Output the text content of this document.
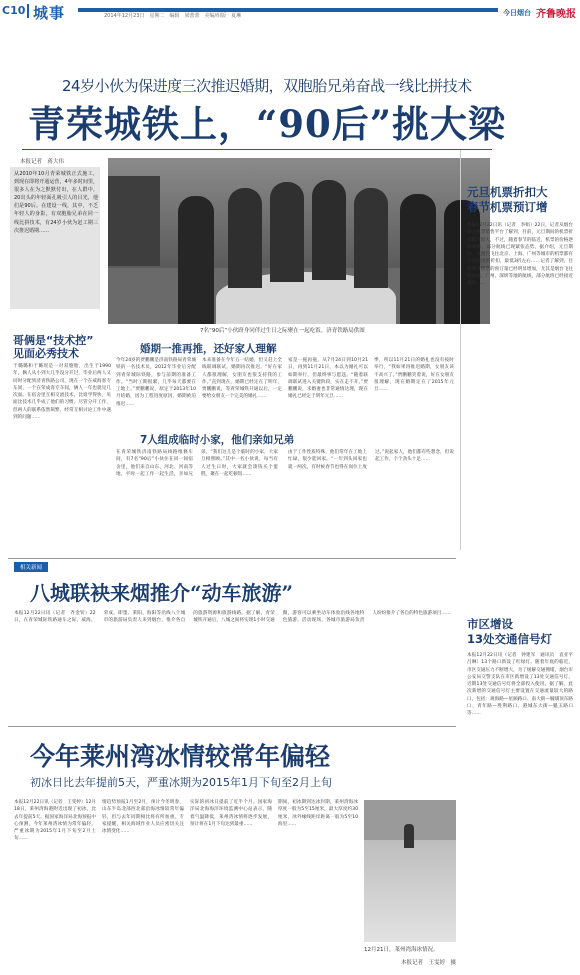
C10 城事	2014年12月23日　星期二　编辑　梁蕾蕾　美编/组版　夏琳	今日烟台 齐鲁晚报
24岁小伙为保进度三次推迟婚期，双胞胎兄弟奋战一线比拼技术
青荣城铁上，“90后”挑大梁
本报记者　蒋大伟
从2010年10月青荣城铁正式施工，到现在即将开通运营，4年多时间里，很多人在为之默默付出，在人群中，20出头的年轻面孔吸引人的目光，他们是90后。在建设一线，其中，不乏年轻人的身影，有双胞胎兄弟在同一线比拼技术，有24岁小伙为赶工期三次推迟婚期……
7名“90后”小伙跻身同伴过生日之际聚在一起吃饭。济青铁路局供图
哥俩是“技术控”
见面必秀技术
于璐璐和于璐瑶是一对双胞胎，出生于1990年，俩人从小到大几乎没分开过，毕业后两人又同时分配到济青铁路公司，现在一个在威海客专车间，一个在荣成客专车间，俩人一年也就见几次面。在宿舍里互相交流技术，比谁学得快，见面比技术几乎成了他们的习惯。尽管分开工作，但两人的联系依然频繁，经常互相讨论工作中遇到的问题……
婚期一推再推，还好家人理解
今年24岁的贾鹏鹏是济南铁路局青荣城铁的一名技术员，2012年毕业后分配到青荣城际铁路，参与前期的准备工作。“当时工期很紧，几乎每天都要在工地上。”贾鹏鹏说，原定于2013年10月结婚，因为工程进度原因，婚期被迫推迟……
本来准备在今年五一结婚，但又赶上全线联调联试，婚期再次推迟。“好在家人都很理解，女朋友也很支持我的工作。”直到现在，婚期已经定在了明年，贾鹏鹏说，等青荣城铁开通以后，一定要给女朋友一个完美的婚礼……
家是一拖再拖，从7月24日到10月21日，再到11月21日，本以为婚礼可以如期举行，但最终事与愿违。“随着联调联试进入关键阶段，实在走不开。”贾鹏鹏说，未婚妻也非常通情达理，现在婚礼已经定于明年元旦……
季，所以11月21日的婚礼也没有按时举行，“我如果再推迟婚期，女朋友该不高兴了。”贾鹏鹏笑着说，好在女朋友很理解，现在婚期定在了2015年元旦……
7人组成临时小家，他们亲如兄弟
在青荣城铁济南铁路局线路维修车间，有7名“90后”小伙住在同一间宿舍里，他们来自山东、河北、河南等地，平时一起工作一起生活，亲如兄弟。“我们这儿是个临时的小家，大家互相照顾。”其中一名小伙说，每当有人过生日时，大家就会凑钱买个蛋糕，聚在一起吃顿饭……
由于工作性质特殊，他们常年在工地上忙碌，很少能回家。“一年到头回家也就一两次，有时候春节也得在岗位上度过。”说起家人，他们都有些想念，但说起工作，个个劲头十足……
元旦机票折扣大
春节机票预订增
本报12月22日讯（记者　李娟）22日，记者从烟台部分机票销售平台了解到，目前，元旦期间的机票折扣幅度较大，不过，随着春节的临近，机票的价格逐渐高涨，部分航线已现紧张态势。据介绍，元旦期间，从烟台飞往北京、上海、广州等城市的机票都有不同程度的折扣，最低3折左右……记者了解到，目前春节机票的预订量已经明显增加，尤其是烟台飞往哈尔滨、广州、深圳等地的航线，部分航班已经接近满员……
相关新闻
八城联袂来烟推介“动车旅游”
本报12月22日讯（记者　齐金钊）22日，在青荣城际铁路通车之际，威海、荣成、即墨、莱阳、海阳等沿线八个城市的旅游局负责人来到烟台，推介各自的旅游资源和旅游线路。据了解，青荣城铁开通后，八城之间将实现1小时交通圈，游客可以乘坐动车体验沿线各地特色旅游。活动现场，各城市旅游局负责人纷纷推介了各自的特色旅游项目……
市区增设
13处交通信号灯
本报12月22日讯（记者　钟建军　通讯员　袁亚平　吕琳）13个路口新设了红绿灯。随着年底的临近，市区交通压力不断增大，为了缓解交通拥堵，烟台市公安局交警支队在市区新增设了13处交通信号灯，近期13处交通信号灯将全部投入使用。据了解，此次新增的交通信号灯主要设置在交通流量较大的路口，包括：观海路—星颐路口、南大街—毓璜顶东路口、青年路—胜利路口、港城东大街—魁玉路口等……
今年莱州湾冰情较常年偏轻
初冰日比去年提前5天，严重冰期为2015年1月下旬至2月上旬
本报12月22日讯（记者　王雯婷）12月18日，莱州湾海港附近出现了初冰，比去年提前5天。据国家海洋局北海预报中心预测，今年莱州湾冰情为常年偏轻，严重冰期为2015年1月下旬至2月上旬……
情趋势预报1月至2月，预计今冬明春，山东半岛北部西北部沿海冰情较常年偏轻，但与去年同期相比将有所加重。专家提醒，相关海域作业人员应密切关注冰情变化……
实际的初冰日提前了近半个月。国家海洋局北海海洋环境监测中心站表示，随着气温降低，莱州湾冰情将逐步发展，预计将在1月下旬达到最重……
期间，初冰期到达冰封期，莱州湾海冰厚度一般为5至15厘米，最大厚度约30厘米，冰外缘线距岸距离一般为5至10海里……
12月21日，莱州湾海冰情况。
本报记者　王雯婷　摄
